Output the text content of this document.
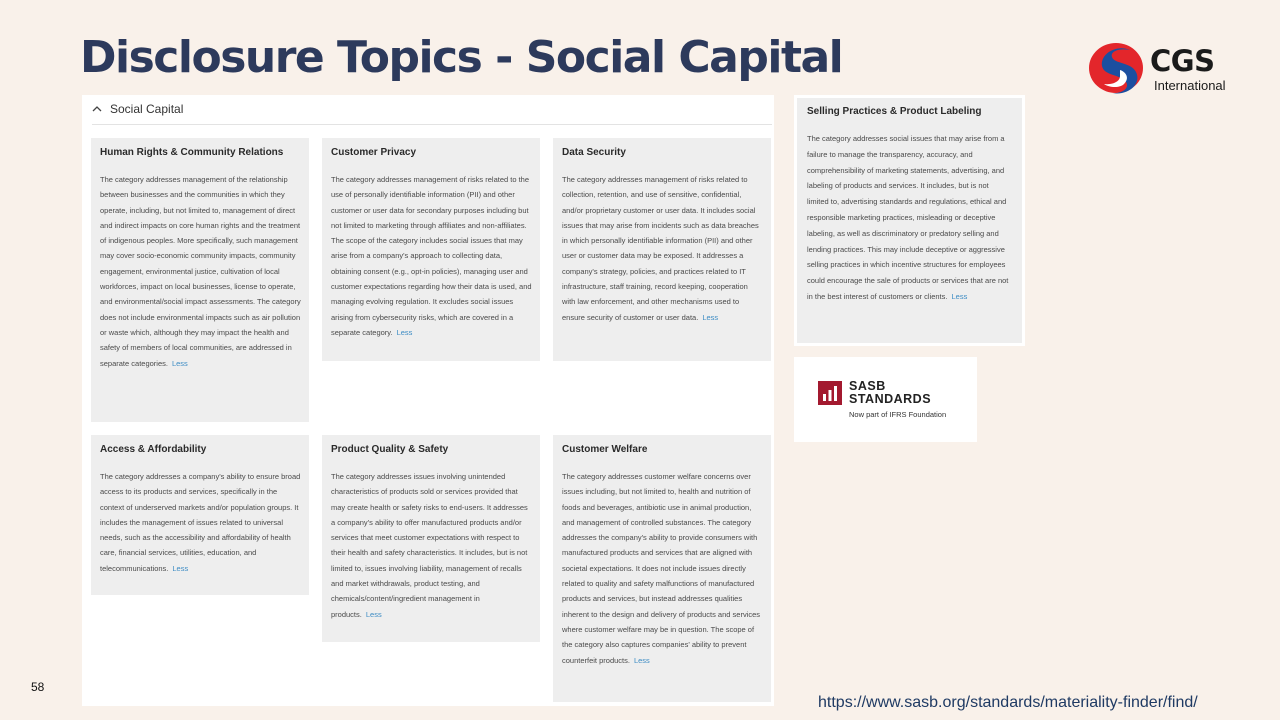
Disclosure Topics - Social Capital	CGS
International
Social Capital
Human Rights & Community Relations
The category addresses management of the relationship between businesses and the communities in which they operate, including, but not limited to, management of direct and indirect impacts on core human rights and the treatment of indigenous peoples. More specifically, such management may cover socio-economic community impacts, community engagement, environmental justice, cultivation of local workforces, impact on local businesses, license to operate, and environmental/social impact assessments. The category does not include environmental impacts such as air pollution or waste which, although they may impact the health and safety of members of local communities, are addressed in separate categories. Less
Customer Privacy
The category addresses management of risks related to the use of personally identifiable information (PII) and other customer or user data for secondary purposes including but not limited to marketing through affiliates and non-affiliates. The scope of the category includes social issues that may arise from a company's approach to collecting data, obtaining consent (e.g., opt-in policies), managing user and customer expectations regarding how their data is used, and managing evolving regulation. It excludes social issues arising from cybersecurity risks, which are covered in a separate category. Less
Data Security
The category addresses management of risks related to collection, retention, and use of sensitive, confidential, and/or proprietary customer or user data. It includes social issues that may arise from incidents such as data breaches in which personally identifiable information (PII) and other user or customer data may be exposed. It addresses a company's strategy, policies, and practices related to IT infrastructure, staff training, record keeping, cooperation with law enforcement, and other mechanisms used to ensure security of customer or user data. Less
Access & Affordability
The category addresses a company's ability to ensure broad access to its products and services, specifically in the context of underserved markets and/or population groups. It includes the management of issues related to universal needs, such as the accessibility and affordability of health care, financial services, utilities, education, and telecommunications. Less
Product Quality & Safety
The category addresses issues involving unintended characteristics of products sold or services provided that may create health or safety risks to end-users. It addresses a company's ability to offer manufactured products and/or services that meet customer expectations with respect to their health and safety characteristics. It includes, but is not limited to, issues involving liability, management of recalls and market withdrawals, product testing, and chemicals/content/ingredient management in products. Less
Customer Welfare
The category addresses customer welfare concerns over issues including, but not limited to, health and nutrition of foods and beverages, antibiotic use in animal production, and management of controlled substances. The category addresses the company's ability to provide consumers with manufactured products and services that are aligned with societal expectations. It does not include issues directly related to quality and safety malfunctions of manufactured products and services, but instead addresses qualities inherent to the design and delivery of products and services where customer welfare may be in question. The scope of the category also captures companies' ability to prevent counterfeit products. Less
Selling Practices & Product Labeling
The category addresses social issues that may arise from a failure to manage the transparency, accuracy, and comprehensibility of marketing statements, advertising, and labeling of products and services. It includes, but is not limited to, advertising standards and regulations, ethical and responsible marketing practices, misleading or deceptive labeling, as well as discriminatory or predatory selling and lending practices. This may include deceptive or aggressive selling practices in which incentive structures for employees could encourage the sale of products or services that are not in the best interest of customers or clients. Less
SASB
STANDARDS
Now part of IFRS Foundation
58
https://www.sasb.org/standards/materiality-finder/find/
